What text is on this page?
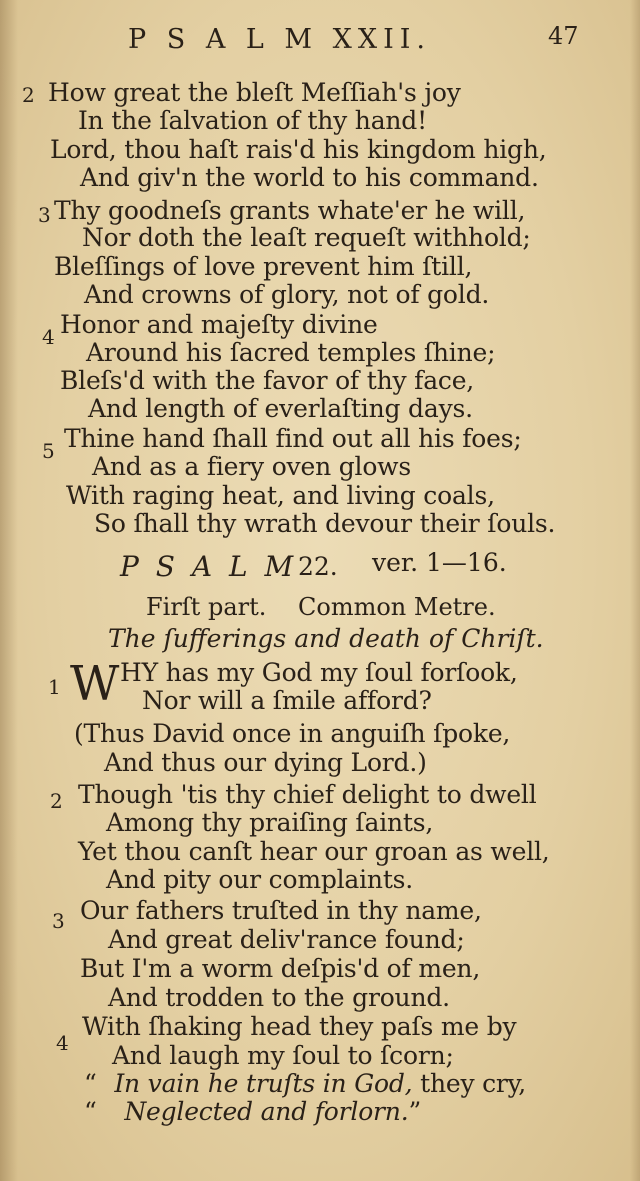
P S A L M XXII.	47
2 How great the bleſt Meſſiah's joy
In the ſalvation of thy hand!
Lord, thou haſt rais'd his kingdom high,
And giv'n the world to his command.
3 Thy goodneſs grants whate'er he will,
Nor doth the leaſt requeſt withhold;
Bleſſings of love prevent him ſtill,
And crowns of glory, not of gold.
4 Honor and majeſty divine
Around his ſacred temples ſhine;
Bleſs'd with the favor of thy face,
And length of everlaſting days.
5 Thine hand ſhall find out all his foes;
And as a fiery oven glows
With raging heat, and living coals,
So ſhall thy wrath devour their ſouls.
P S A L M 22. ver. 1—16.
Firſt part. Common Metre.
The ſufferings and death of Chriſt.
1 W HY has my God my ſoul forſook,
Nor will a ſmile afford?
(Thus David once in anguiſh ſpoke,
And thus our dying Lord.)
2 Though 'tis thy chief delight to dwell
Among thy praiſing ſaints,
Yet thou canſt hear our groan as well,
And pity our complaints.
3 Our fathers truſted in thy name,
And great deliv'rance found;
But I'm a worm deſpis'd of men,
And trodden to the ground.
4
With ſhaking head they paſs me by
And laugh my ſoul to ſcorn;
“ In vain he truſts in God, they cry,
“ Neglected and forlorn.”
